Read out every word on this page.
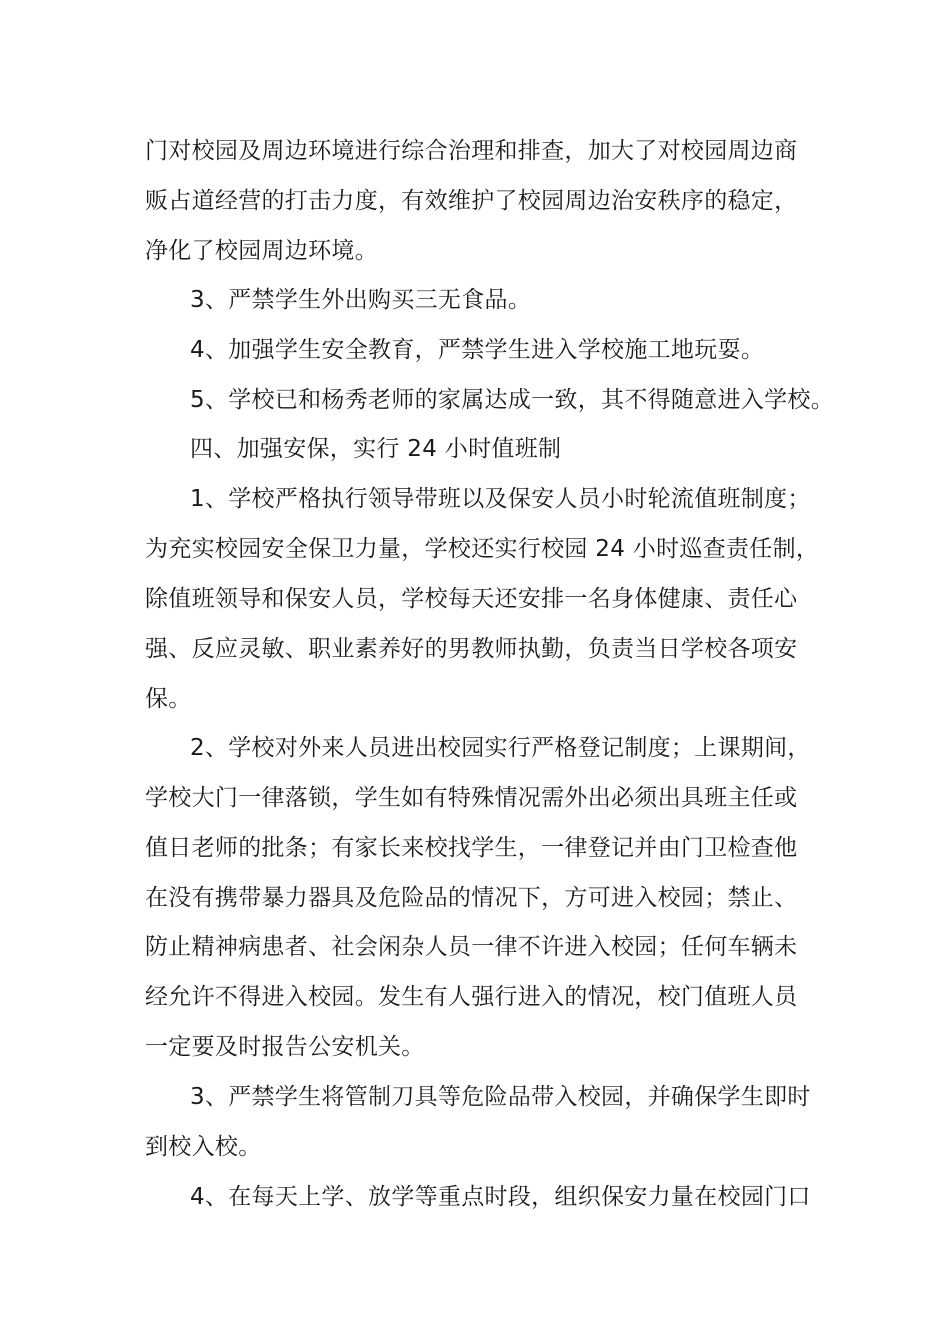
门对校园及周边环境进行综合治理和排查，加大了对校园周边商
贩占道经营的打击力度，有效维护了校园周边治安秩序的稳定，
净化了校园周边环境。
3、严禁学生外出购买三无食品。
4、加强学生安全教育，严禁学生进入学校施工地玩耍。
5、学校已和杨秀老师的家属达成一致，其不得随意进入学校。
四、加强安保，实行 24 小时值班制
1、学校严格执行领导带班以及保安人员小时轮流值班制度；
为充实校园安全保卫力量，学校还实行校园 24 小时巡查责任制，
除值班领导和保安人员，学校每天还安排一名身体健康、责任心
强、反应灵敏、职业素养好的男教师执勤，负责当日学校各项安
保。
2、学校对外来人员进出校园实行严格登记制度；上课期间，
学校大门一律落锁，学生如有特殊情况需外出必须出具班主任或
值日老师的批条；有家长来校找学生，一律登记并由门卫检查他
在没有携带暴力器具及危险品的情况下，方可进入校园；禁止、
防止精神病患者、社会闲杂人员一律不许进入校园；任何车辆未
经允许不得进入校园。发生有人强行进入的情况，校门值班人员
一定要及时报告公安机关。
3、严禁学生将管制刀具等危险品带入校园，并确保学生即时
到校入校。
4、在每天上学、放学等重点时段，组织保安力量在校园门口
